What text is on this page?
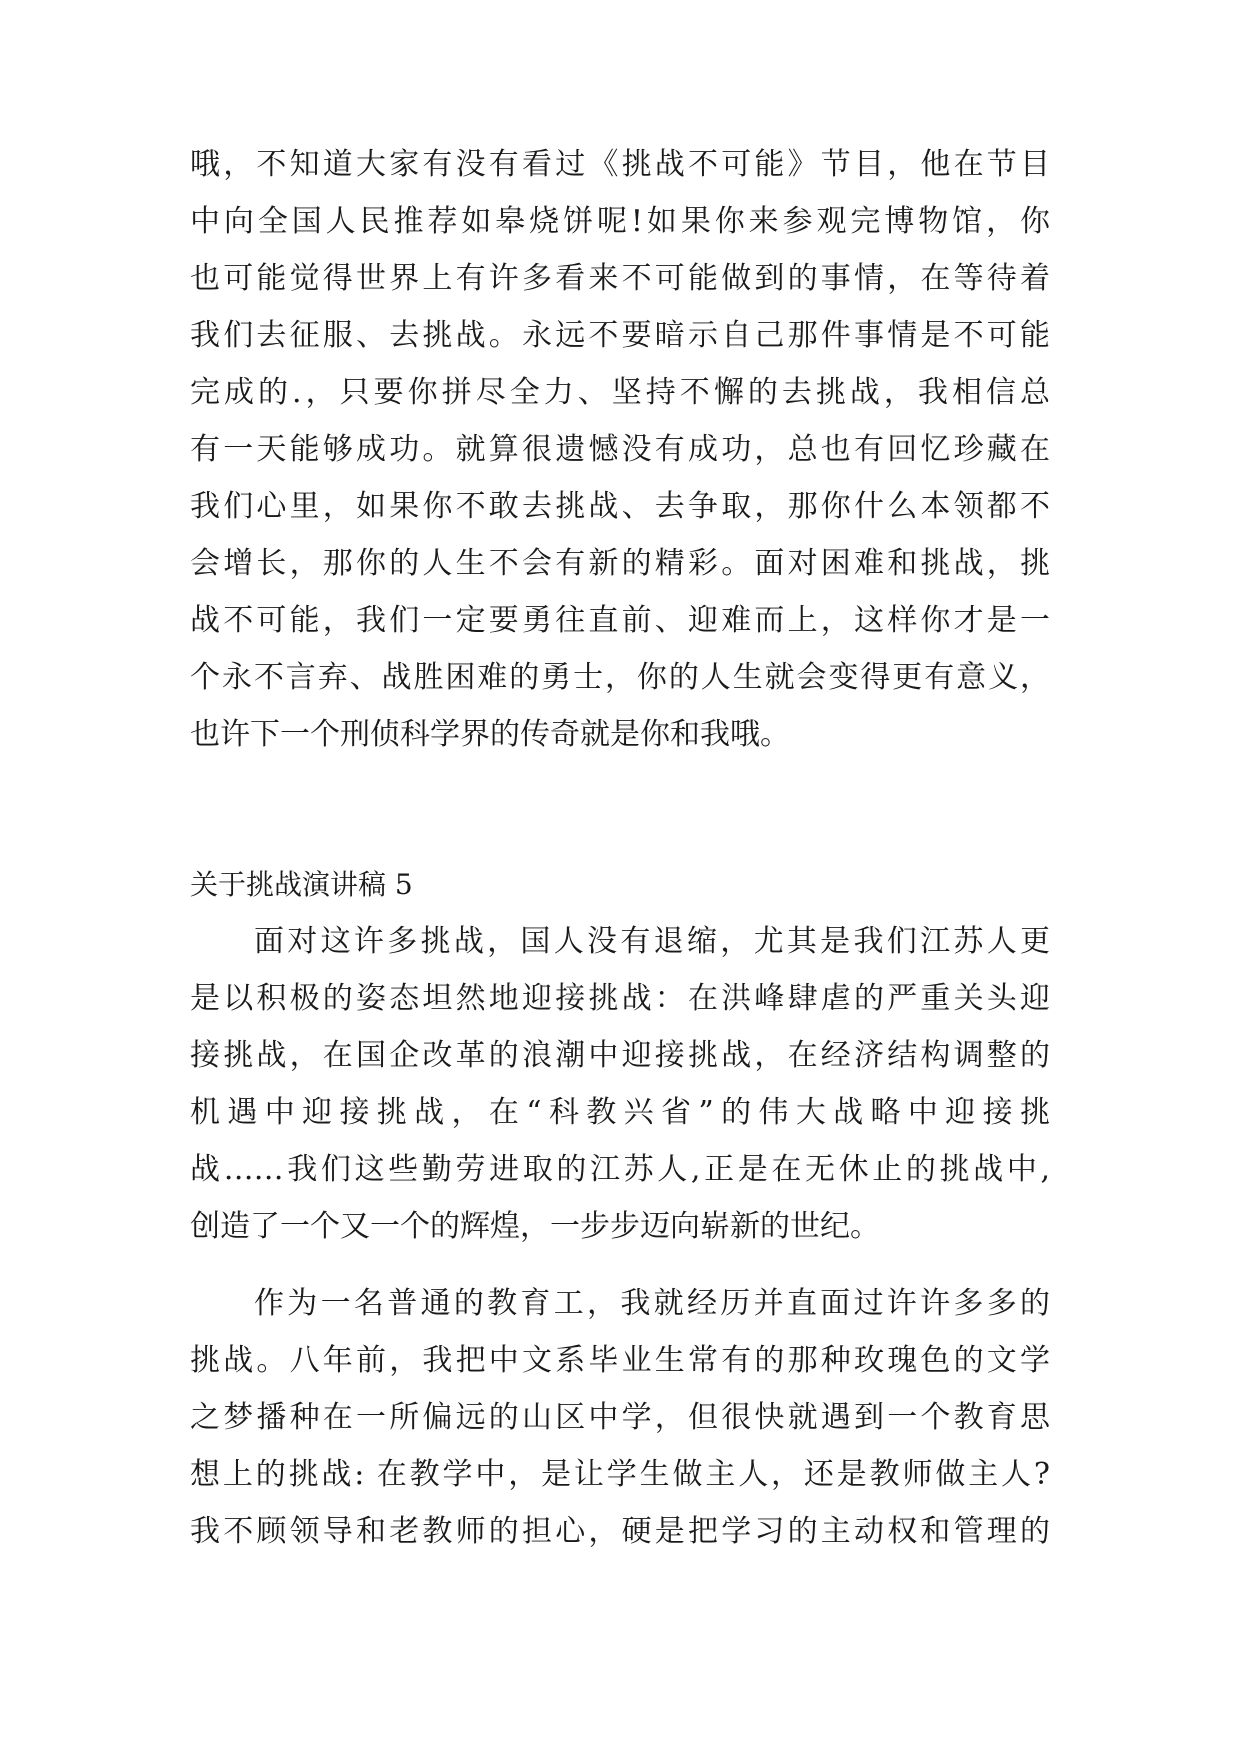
哦，不知道大家有没有看过《挑战不可能》节目，他在节目
中向全国人民推荐如皋烧饼呢!如果你来参观完博物馆，你
也可能觉得世界上有许多看来不可能做到的事情，在等待着
我们去征服、去挑战。永远不要暗示自己那件事情是不可能
完成的.，只要你拼尽全力、坚持不懈的去挑战，我相信总
有一天能够成功。就算很遗憾没有成功，总也有回忆珍藏在
我们心里，如果你不敢去挑战、去争取，那你什么本领都不
会增长，那你的人生不会有新的精彩。面对困难和挑战，挑
战不可能，我们一定要勇往直前、迎难而上，这样你才是一
个永不言弃、战胜困难的勇士，你的人生就会变得更有意义，
也许下一个刑侦科学界的传奇就是你和我哦。
关于挑战演讲稿 5
面对这许多挑战，国人没有退缩，尤其是我们江苏人更
是以积极的姿态坦然地迎接挑战：在洪峰肆虐的严重关头迎
接挑战，在国企改革的浪潮中迎接挑战，在经济结构调整的
机遇中迎接挑战，在“科教兴省”的伟大战略中迎接挑
战……我们这些勤劳进取的江苏人,正是在无休止的挑战中,
创造了一个又一个的辉煌，一步步迈向崭新的世纪。
作为一名普通的教育工，我就经历并直面过许许多多的
挑战。八年前，我把中文系毕业生常有的那种玫瑰色的文学
之梦播种在一所偏远的山区中学，但很快就遇到一个教育思
想上的挑战: 在教学中，是让学生做主人，还是教师做主人?
我不顾领导和老教师的担心，硬是把学习的主动权和管理的
